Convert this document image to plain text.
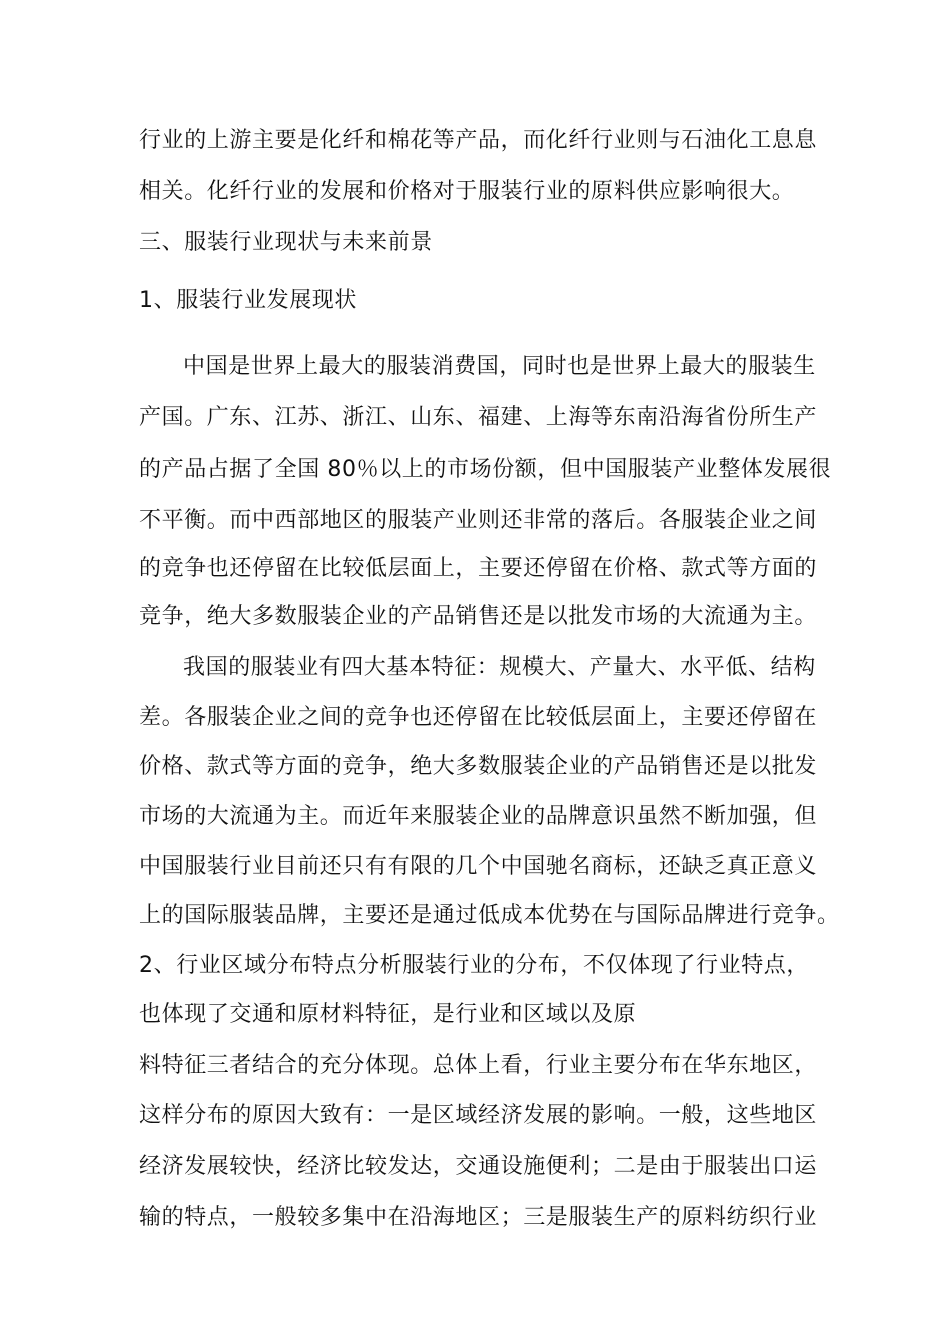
行业的上游主要是化纤和棉花等产品，而化纤行业则与石油化工息息
相关。化纤行业的发展和价格对于服装行业的原料供应影响很大。
三、服装行业现状与未来前景
1、服装行业发展现状
中国是世界上最大的服装消费国，同时也是世界上最大的服装生
产国。广东、江苏、浙江、山东、福建、上海等东南沿海省份所生产
的产品占据了全国 80％以上的市场份额，但中国服装产业整体发展很
不平衡。而中西部地区的服装产业则还非常的落后。各服装企业之间
的竞争也还停留在比较低层面上，主要还停留在价格、款式等方面的
竞争，绝大多数服装企业的产品销售还是以批发市场的大流通为主。
我国的服装业有四大基本特征：规模大、产量大、水平低、结构
差。各服装企业之间的竞争也还停留在比较低层面上，主要还停留在
价格、款式等方面的竞争，绝大多数服装企业的产品销售还是以批发
市场的大流通为主。而近年来服装企业的品牌意识虽然不断加强，但
中国服装行业目前还只有有限的几个中国驰名商标，还缺乏真正意义
上的国际服装品牌，主要还是通过低成本优势在与国际品牌进行竞争。
2、行业区域分布特点分析服装行业的分布，不仅体现了行业特点，
也体现了交通和原材料特征，是行业和区域以及原
料特征三者结合的充分体现。总体上看，行业主要分布在华东地区，
这样分布的原因大致有：一是区域经济发展的影响。一般，这些地区
经济发展较快，经济比较发达，交通设施便利；二是由于服装出口运
输的特点，一般较多集中在沿海地区；三是服装生产的原料纺织行业
